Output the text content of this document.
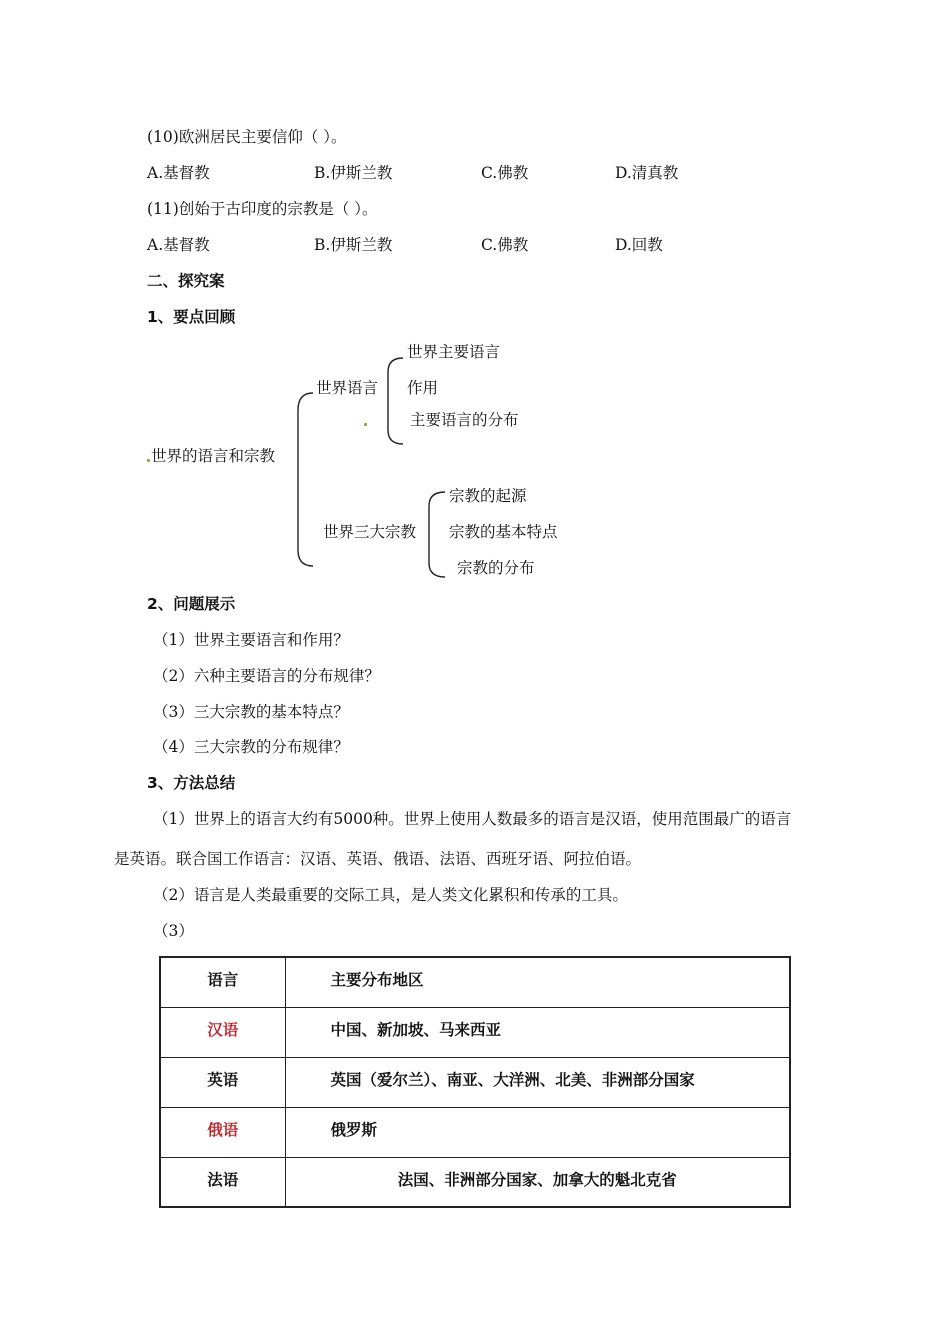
(10)欧洲居民主要信仰（ ）。
A.基督教	B.伊斯兰教	C.佛教	D.清真教
(11)创始于古印度的宗教是（ ）。
A.基督教	B.伊斯兰教	C.佛教	D.回教
二、探究案
1、要点回顾
世界的语言和宗教
世界语言
世界主要语言
作用
主要语言的分布
世界三大宗教
宗教的起源
宗教的基本特点
宗教的分布
2、问题展示
（1）世界主要语言和作用？
（2）六种主要语言的分布规律？
（3）三大宗教的基本特点？
（4）三大宗教的分布规律？
3、方法总结
（1）世界上的语言大约有5000种。世界上使用人数最多的语言是汉语，使用范围最广的语言
是英语。联合国工作语言：汉语、英语、俄语、法语、西班牙语、阿拉伯语。
（2）语言是人类最重要的交际工具，是人类文化累积和传承的工具。
（3）
语言	主要分布地区
汉语	中国、新加坡、马来西亚
英语	英国（爱尔兰）、南亚、大洋洲、北美、非洲部分国家
俄语	俄罗斯
法语	法国、非洲部分国家、加拿大的魁北克省
